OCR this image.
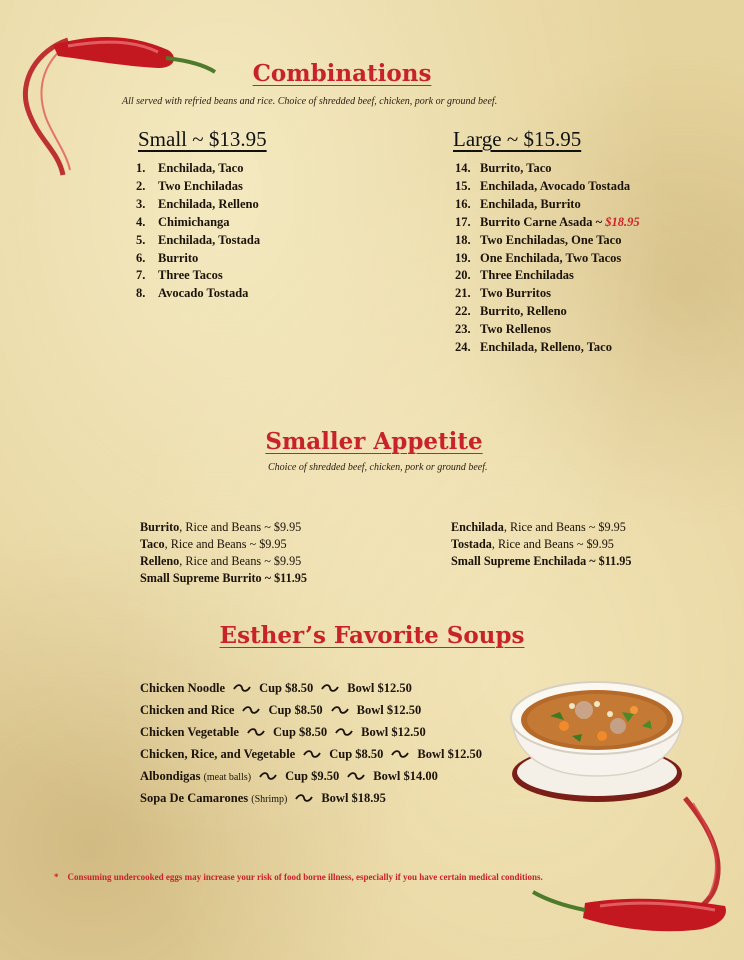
Combinations
All served with refried beans and rice. Choice of shredded beef, chicken, pork or ground beef.
Small ~ $13.95
1. Enchilada, Taco
2. Two Enchiladas
3. Enchilada, Relleno
4. Chimichanga
5. Enchilada, Tostada
6. Burrito
7. Three Tacos
8. Avocado Tostada
Large ~ $15.95
14. Burrito, Taco
15. Enchilada, Avocado Tostada
16. Enchilada, Burrito
17. Burrito Carne Asada ~ $18.95
18. Two Enchiladas, One Taco
19. One Enchilada, Two Tacos
20. Three Enchiladas
21. Two Burritos
22. Burrito, Relleno
23. Two Rellenos
24. Enchilada, Relleno, Taco
Smaller Appetite
Choice of shredded beef, chicken, pork or ground beef.
Burrito, Rice and Beans ~ $9.95
Taco, Rice and Beans ~ $9.95
Relleno, Rice and Beans ~ $9.95
Small Supreme Burrito ~ $11.95
Enchilada, Rice and Beans ~ $9.95
Tostada, Rice and Beans ~ $9.95
Small Supreme Enchilada ~ $11.95
Esther’s Favorite Soups
Chicken Noodle	Cup $8.50	Bowl $12.50
Chicken and Rice	Cup $8.50	Bowl $12.50
Chicken Vegetable	Cup $8.50	Bowl $12.50
Chicken, Rice, and Vegetable	Cup $8.50	Bowl $12.50
Albondigas (meat balls)	Cup $9.50	Bowl $14.00
Sopa De Camarones (Shrimp)	Bowl $18.95
* Consuming undercooked eggs may increase your risk of food borne illness, especially if you have certain medical conditions.
